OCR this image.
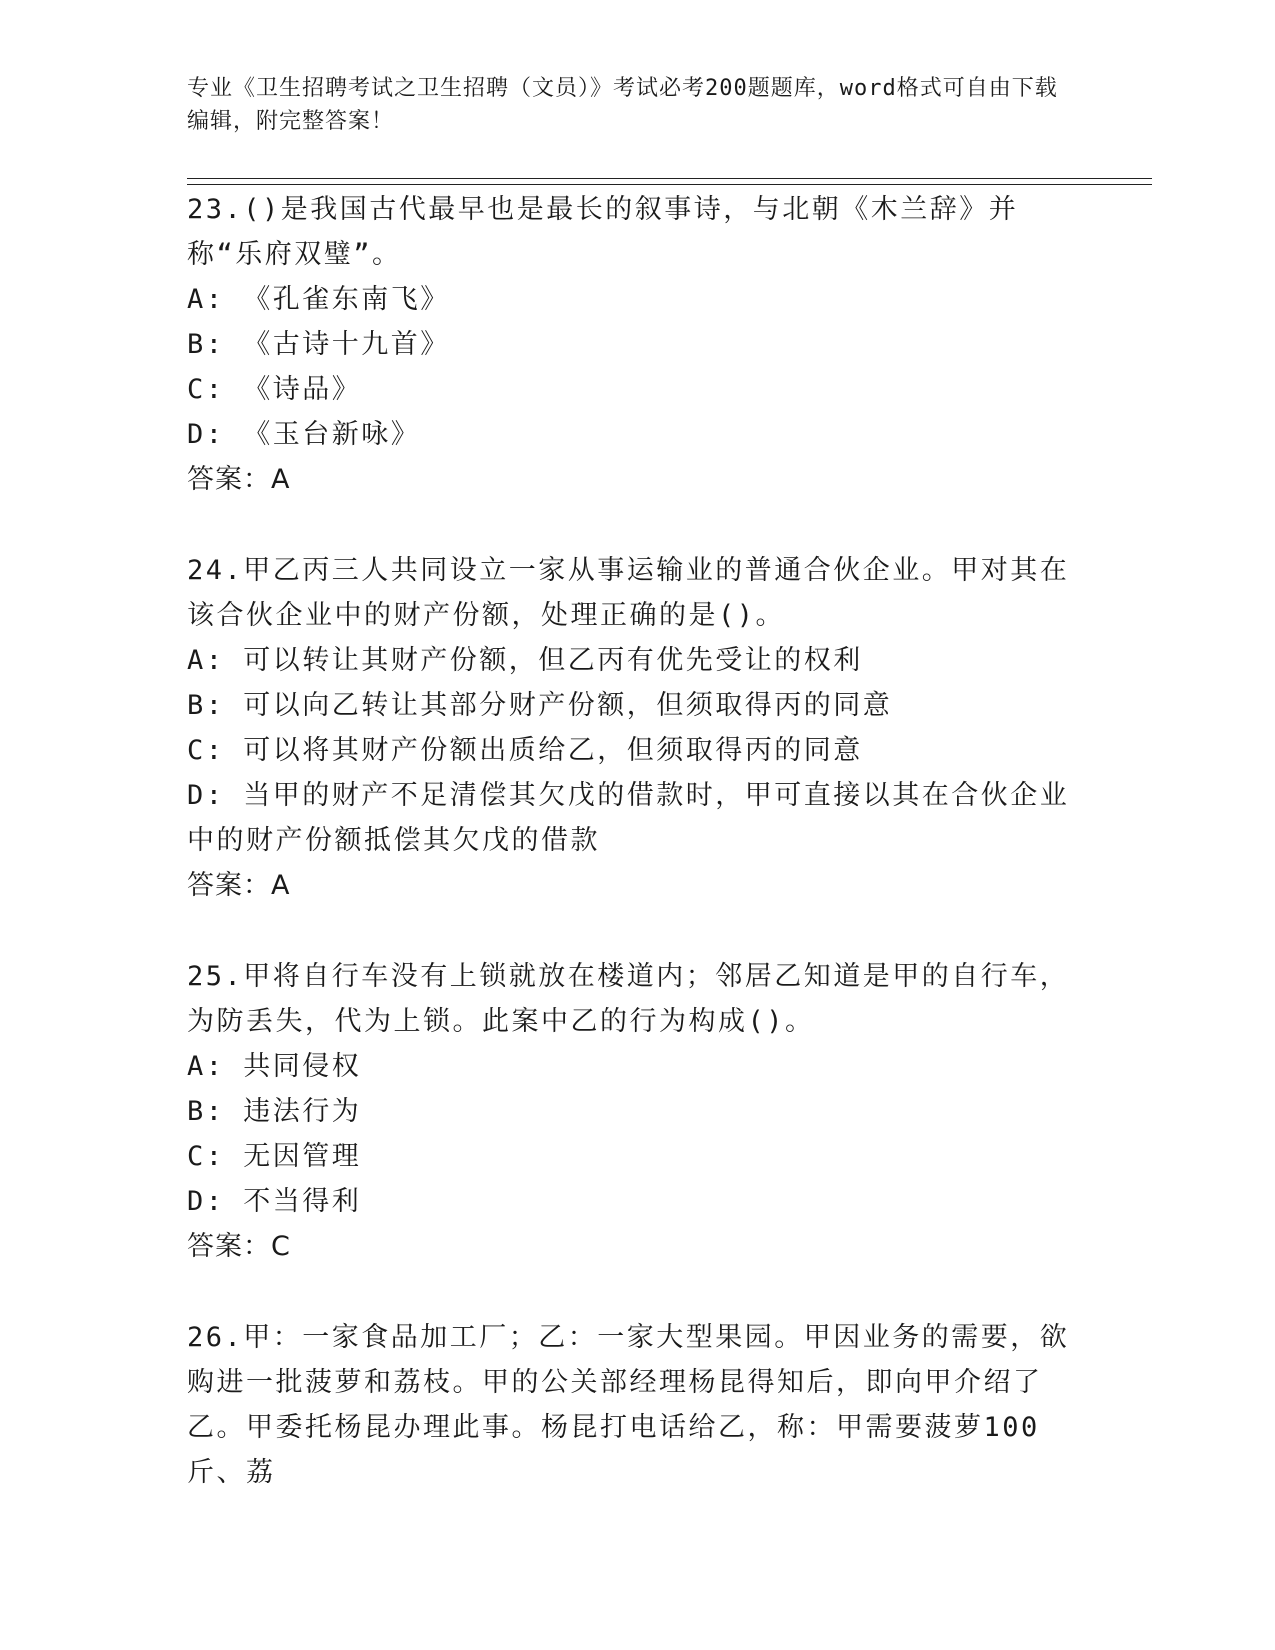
专业《卫生招聘考试之卫生招聘（文员）》考试必考200题题库，word格式可自由下载编辑，附完整答案！
23.()是我国古代最早也是最长的叙事诗，与北朝《木兰辞》并称“乐府双璧”。
A: 《孔雀东南飞》
B: 《古诗十九首》
C: 《诗品》
D: 《玉台新咏》
答案：A
24.甲乙丙三人共同设立一家从事运输业的普通合伙企业。甲对其在该合伙企业中的财产份额，处理正确的是()。
A: 可以转让其财产份额，但乙丙有优先受让的权利
B: 可以向乙转让其部分财产份额，但须取得丙的同意
C: 可以将其财产份额出质给乙，但须取得丙的同意
D: 当甲的财产不足清偿其欠戊的借款时，甲可直接以其在合伙企业中的财产份额抵偿其欠戊的借款
答案：A
25.甲将自行车没有上锁就放在楼道内；邻居乙知道是甲的自行车，为防丢失，代为上锁。此案中乙的行为构成()。
A: 共同侵权
B: 违法行为
C: 无因管理
D: 不当得利
答案：C
26.甲：一家食品加工厂；乙：一家大型果园。甲因业务的需要，欲购进一批菠萝和荔枝。甲的公关部经理杨昆得知后，即向甲介绍了乙。甲委托杨昆办理此事。杨昆打电话给乙，称：甲需要菠萝100斤、荔
